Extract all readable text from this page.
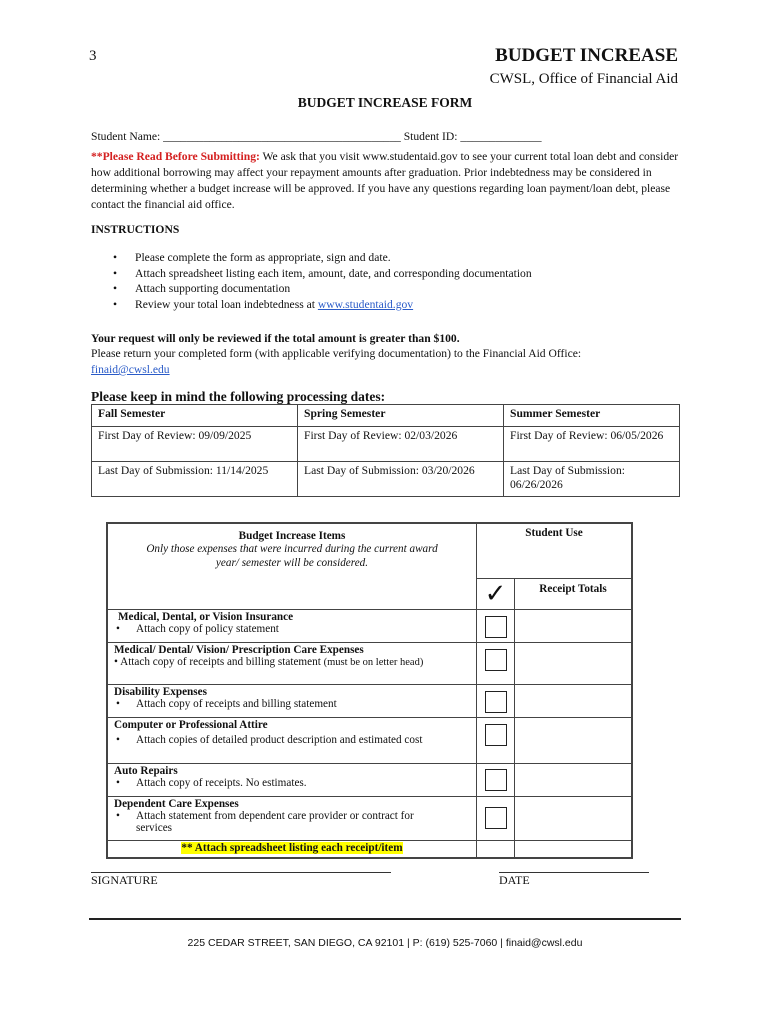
3	BUDGET INCREASE
CWSL, Office of Financial Aid
BUDGET INCREASE FORM
Student Name: _________________________________________ Student ID: ______________
**Please Read Before Submitting: We ask that you visit www.studentaid.gov to see your current total loan debt and consider how additional borrowing may affect your repayment amounts after graduation. Prior indebtedness may be considered in determining whether a budget increase will be approved. If you have any questions regarding loan payment/loan debt, please contact the financial aid office.
INSTRUCTIONS
• Please complete the form as appropriate, sign and date.
• Attach spreadsheet listing each item, amount, date, and corresponding documentation
• Attach supporting documentation
• Review your total loan indebtedness at www.studentaid.gov
Your request will only be reviewed if the total amount is greater than $100.
Please return your completed form (with applicable verifying documentation) to the Financial Aid Office:
finaid@cwsl.edu
Please keep in mind the following processing dates:
Fall Semester	Spring Semester	Summer Semester
First Day of Review: 09/09/2025	First Day of Review: 02/03/2026	First Day of Review: 06/05/2026
Last Day of Submission: 11/14/2025	Last Day of Submission: 03/20/2026	Last Day of Submission: 06/26/2026
Budget Increase Items
Only those expenses that were incurred during the current award year/ semester will be considered.	Student Use	
	✓	Receipt Totals

Medical, Dental, or Vision Insurance
• Attach copy of policy statement

Medical/ Dental/ Vision/ Prescription Care Expenses
• Attach copy of receipts and billing statement (must be on letter head)		

Disability Expenses
• Attach copy of receipts and billing statement

Computer or Professional Attire
• Attach copies of detailed product description and estimated cost

Auto Repairs
• Attach copy of receipts. No estimates.

Dependent Care Expenses
• Attach statement from dependent care provider or contract for services

** Attach spreadsheet listing each receipt/item		
SIGNATURE	DATE
225 CEDAR STREET, SAN DIEGO, CA 92101 | P: (619) 525-7060 | finaid@cwsl.edu
